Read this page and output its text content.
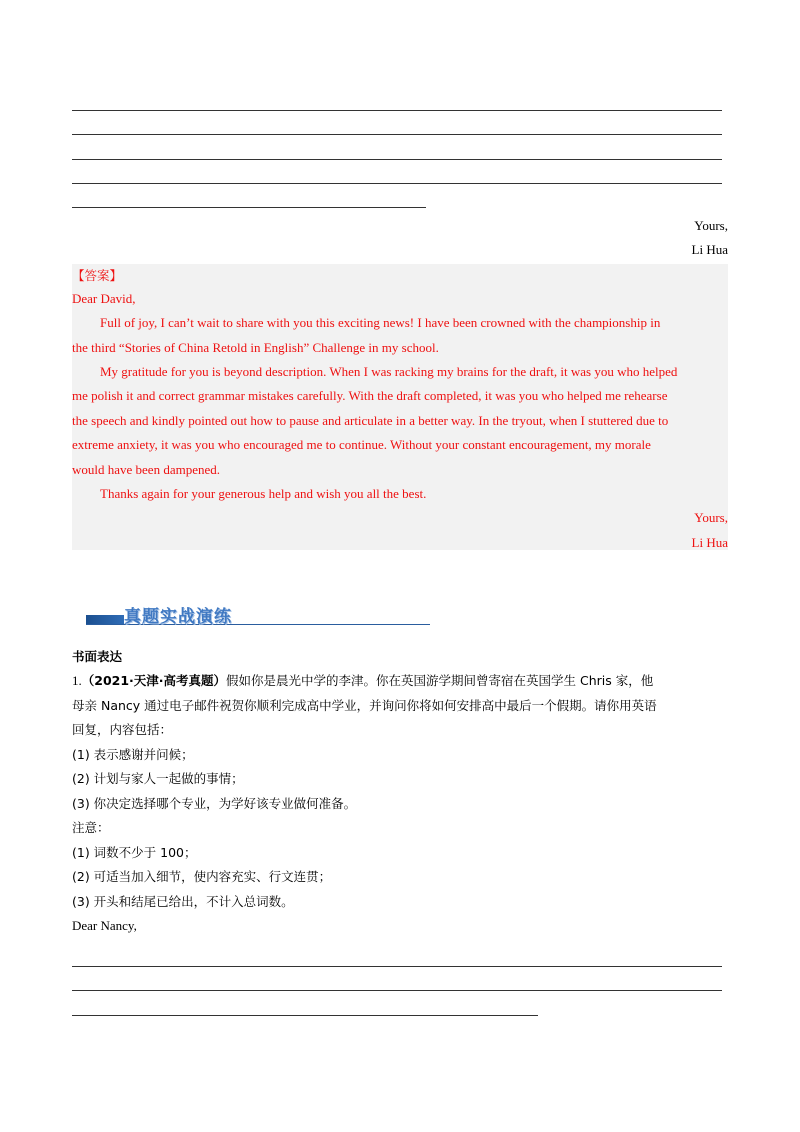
Yours,
Li Hua
【答案】
Dear David,
Full of joy, I can’t wait to share with you this exciting news! I have been crowned with the championship in
the third “Stories of China Retold in English” Challenge in my school.
My gratitude for you is beyond description. When I was racking my brains for the draft, it was you who helped
me polish it and correct grammar mistakes carefully. With the draft completed, it was you who helped me rehearse
the speech and kindly pointed out how to pause and articulate in a better way. In the tryout, when I stuttered due to
extreme anxiety, it was you who encouraged me to continue. Without your constant encouragement, my morale
would have been dampened.
Thanks again for your generous help and wish you all the best.
Yours,
Li Hua
真题实战演练
书面表达
1.（2021·天津·高考真题）假如你是晨光中学的李津。你在英国游学期间曾寄宿在英国学生 Chris 家，他
母亲 Nancy 通过电子邮件祝贺你顺利完成高中学业，并询问你将如何安排高中最后一个假期。请你用英语
回复，内容包括：
(1) 表示感谢并问候；
(2) 计划与家人一起做的事情；
(3) 你决定选择哪个专业，为学好该专业做何准备。
注意：
(1) 词数不少于 100；
(2) 可适当加入细节，使内容充实、行文连贯；
(3) 开头和结尾已给出，不计入总词数。
Dear Nancy,
